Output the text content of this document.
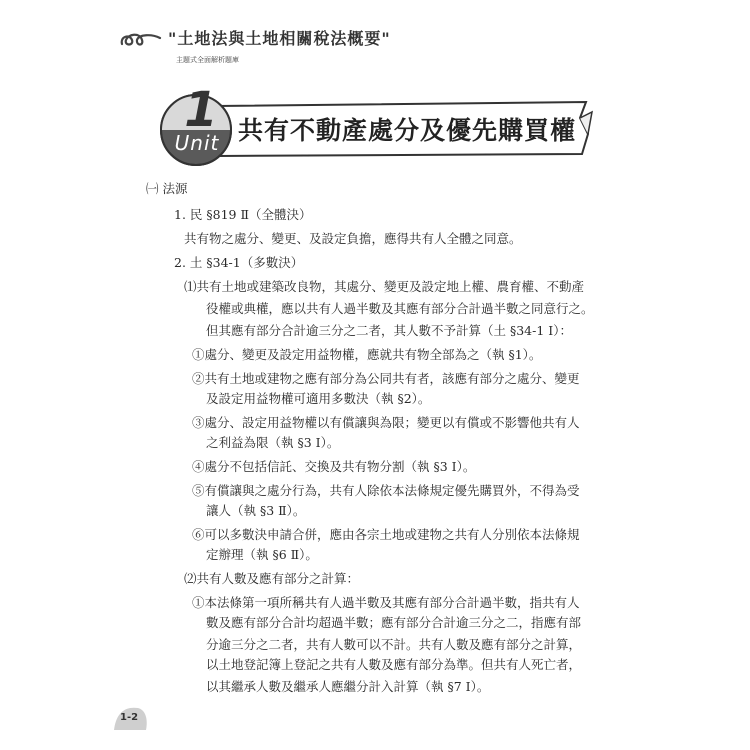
"土地法與土地相關稅法概要"
主題式全面解析題庫
1
Unit 共有不動產處分及優先購買權
㈠ 法源
1. 民 §819 Ⅱ（全體決）
共有物之處分、變更、及設定負擔，應得共有人全體之同意。
2. 土 §34-1（多數決）
⑴共有土地或建築改良物，其處分、變更及設定地上權、農育權、不動產
役權或典權，應以共有人過半數及其應有部分合計過半數之同意行之。
但其應有部分合計逾三分之二者，其人數不予計算（土 §34-1 Ⅰ）：
①處分、變更及設定用益物權，應就共有物全部為之（執 §1）。
②共有土地或建物之應有部分為公同共有者，該應有部分之處分、變更
及設定用益物權可適用多數決（執 §2）。
③處分、設定用益物權以有償讓與為限；變更以有償或不影響他共有人
之利益為限（執 §3 Ⅰ）。
④處分不包括信託、交換及共有物分割（執 §3 Ⅰ）。
⑤有償讓與之處分行為，共有人除依本法條規定優先購買外，不得為受
讓人（執 §3 Ⅱ）。
⑥可以多數決申請合併，應由各宗土地或建物之共有人分別依本法條規
定辦理（執 §6 Ⅱ）。
⑵共有人數及應有部分之計算：
①本法條第一項所稱共有人過半數及其應有部分合計過半數，指共有人
數及應有部分合計均超過半數；應有部分合計逾三分之二，指應有部
分逾三分之二者，共有人數可以不計。共有人數及應有部分之計算，
以土地登記簿上登記之共有人數及應有部分為準。但共有人死亡者，
以其繼承人數及繼承人應繼分計入計算（執 §7 Ⅰ）。
1-2
